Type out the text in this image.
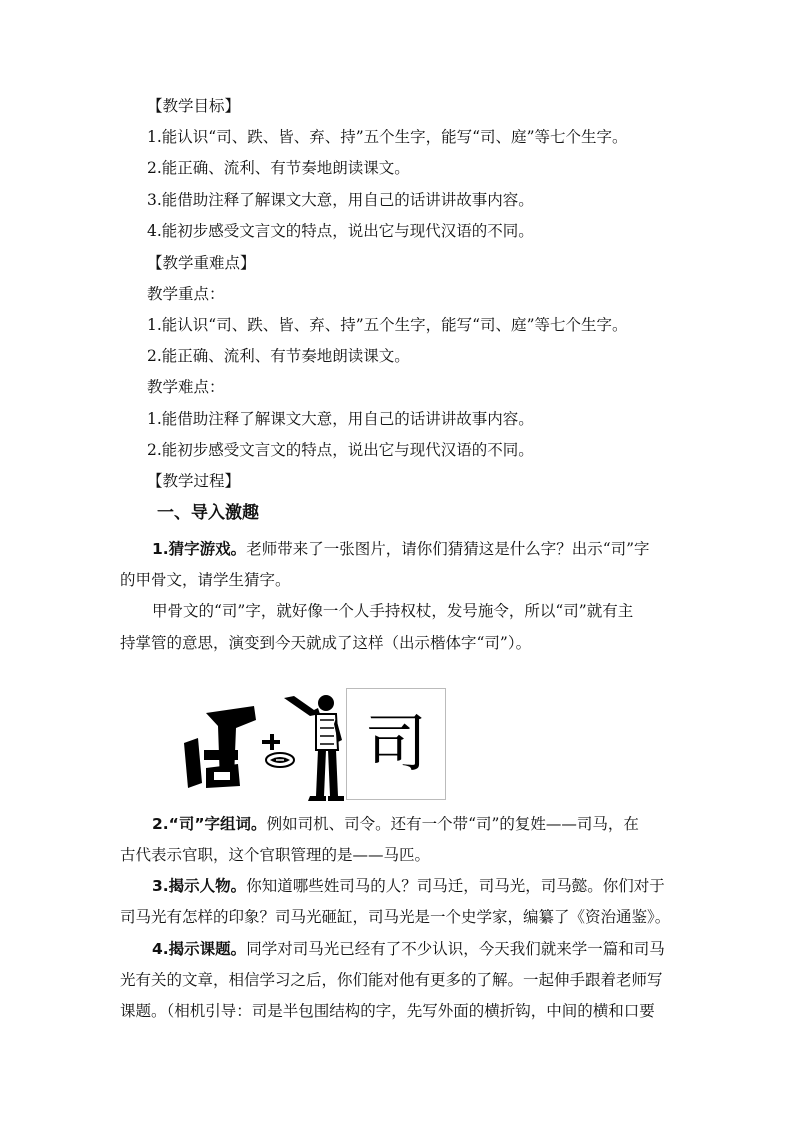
【教学目标】
1.能认识“司、跌、皆、弃、持”五个生字，能写“司、庭”等七个生字。
2.能正确、流利、有节奏地朗读课文。
3.能借助注释了解课文大意，用自己的话讲讲故事内容。
4.能初步感受文言文的特点，说出它与现代汉语的不同。
【教学重难点】
教学重点：
1.能认识“司、跌、皆、弃、持”五个生字，能写“司、庭”等七个生字。
2.能正确、流利、有节奏地朗读课文。
教学难点：
1.能借助注释了解课文大意，用自己的话讲讲故事内容。
2.能初步感受文言文的特点，说出它与现代汉语的不同。
【教学过程】
一、导入激趣
1.猜字游戏。老师带来了一张图片，请你们猜猜这是什么字？出示“司”字
的甲骨文，请学生猜字。
甲骨文的“司”字，就好像一个人手持权杖，发号施令，所以“司”就有主
持掌管的意思，演变到今天就成了这样（出示楷体字“司”）。
司
2.“司”字组词。例如司机、司令。还有一个带“司”的复姓——司马，在
古代表示官职，这个官职管理的是——马匹。
3.揭示人物。你知道哪些姓司马的人？司马迁，司马光，司马懿。你们对于
司马光有怎样的印象？司马光砸缸，司马光是一个史学家，编纂了《资治通鉴》。
4.揭示课题。同学对司马光已经有了不少认识，今天我们就来学一篇和司马
光有关的文章，相信学习之后，你们能对他有更多的了解。一起伸手跟着老师写
课题。（相机引导：司是半包围结构的字，先写外面的横折钩，中间的横和口要
